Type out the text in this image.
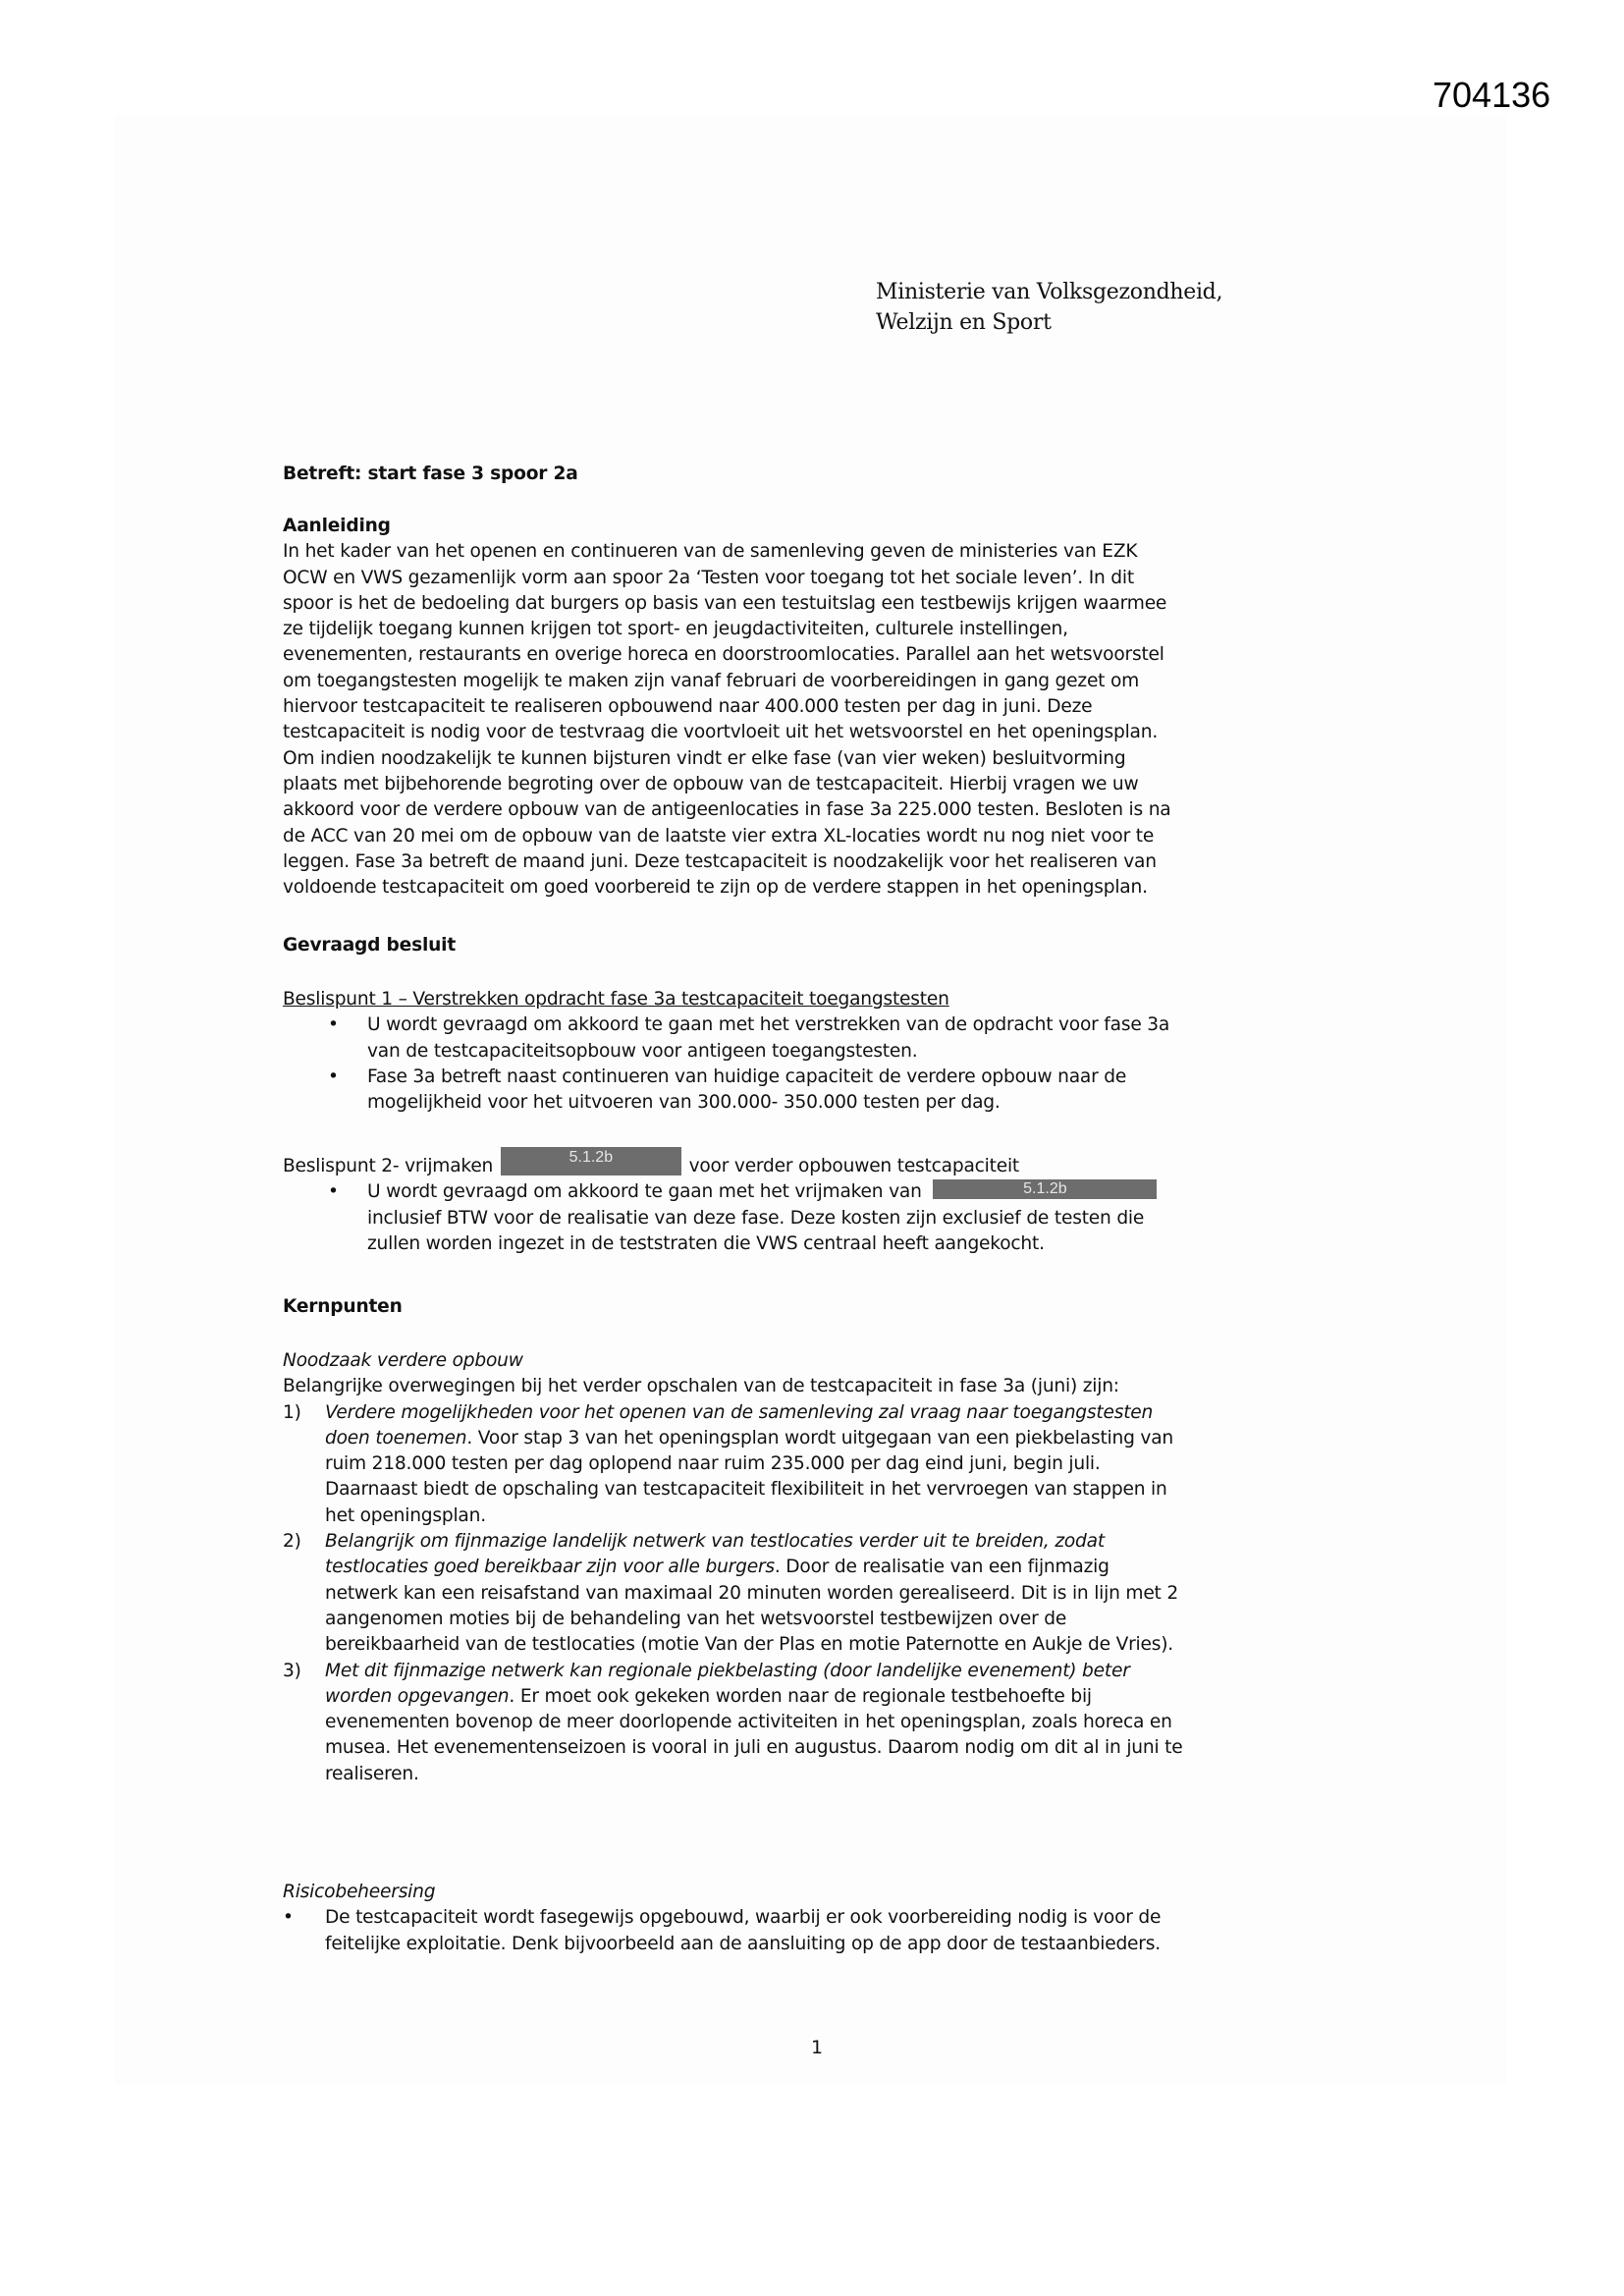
704136
Ministerie van Volksgezondheid,
Welzijn en Sport
Betreft: start fase 3 spoor 2a
Aanleiding
In het kader van het openen en continueren van de samenleving geven de ministeries van EZK
OCW en VWS gezamenlijk vorm aan spoor 2a ‘Testen voor toegang tot het sociale leven’. In dit
spoor is het de bedoeling dat burgers op basis van een testuitslag een testbewijs krijgen waarmee
ze tijdelijk toegang kunnen krijgen tot sport- en jeugdactiviteiten, culturele instellingen,
evenementen, restaurants en overige horeca en doorstroomlocaties. Parallel aan het wetsvoorstel
om toegangstesten mogelijk te maken zijn vanaf februari de voorbereidingen in gang gezet om
hiervoor testcapaciteit te realiseren opbouwend naar 400.000 testen per dag in juni. Deze
testcapaciteit is nodig voor de testvraag die voortvloeit uit het wetsvoorstel en het openingsplan.
Om indien noodzakelijk te kunnen bijsturen vindt er elke fase (van vier weken) besluitvorming
plaats met bijbehorende begroting over de opbouw van de testcapaciteit. Hierbij vragen we uw
akkoord voor de verdere opbouw van de antigeenlocaties in fase 3a 225.000 testen. Besloten is na
de ACC van 20 mei om de opbouw van de laatste vier extra XL-locaties wordt nu nog niet voor te
leggen. Fase 3a betreft de maand juni. Deze testcapaciteit is noodzakelijk voor het realiseren van
voldoende testcapaciteit om goed voorbereid te zijn op de verdere stappen in het openingsplan.
Gevraagd besluit
Beslispunt 1 – Verstrekken opdracht fase 3a testcapaciteit toegangstesten
• U wordt gevraagd om akkoord te gaan met het verstrekken van de opdracht voor fase 3a
van de testcapaciteitsopbouw voor antigeen toegangstesten.
• Fase 3a betreft naast continueren van huidige capaciteit de verdere opbouw naar de
mogelijkheid voor het uitvoeren van 300.000- 350.000 testen per dag.
Beslispunt 2- vrijmaken	5.1.2b	voor verder opbouwen testcapaciteit
• U wordt gevraagd om akkoord te gaan met het vrijmaken van	5.1.2b
inclusief BTW voor de realisatie van deze fase. Deze kosten zijn exclusief de testen die
zullen worden ingezet in de teststraten die VWS centraal heeft aangekocht.
Kernpunten
Noodzaak verdere opbouw
Belangrijke overwegingen bij het verder opschalen van de testcapaciteit in fase 3a (juni) zijn:
1) Verdere mogelijkheden voor het openen van de samenleving zal vraag naar toegangstesten
doen toenemen. Voor stap 3 van het openingsplan wordt uitgegaan van een piekbelasting van
ruim 218.000 testen per dag oplopend naar ruim 235.000 per dag eind juni, begin juli.
Daarnaast biedt de opschaling van testcapaciteit flexibiliteit in het vervroegen van stappen in
het openingsplan.
2) Belangrijk om fijnmazige landelijk netwerk van testlocaties verder uit te breiden, zodat
testlocaties goed bereikbaar zijn voor alle burgers. Door de realisatie van een fijnmazig
netwerk kan een reisafstand van maximaal 20 minuten worden gerealiseerd. Dit is in lijn met 2
aangenomen moties bij de behandeling van het wetsvoorstel testbewijzen over de
bereikbaarheid van de testlocaties (motie Van der Plas en motie Paternotte en Aukje de Vries).
3) Met dit fijnmazige netwerk kan regionale piekbelasting (door landelijke evenement) beter
worden opgevangen. Er moet ook gekeken worden naar de regionale testbehoefte bij
evenementen bovenop de meer doorlopende activiteiten in het openingsplan, zoals horeca en
musea. Het evenementenseizoen is vooral in juli en augustus. Daarom nodig om dit al in juni te
realiseren.
Risicobeheersing
• De testcapaciteit wordt fasegewijs opgebouwd, waarbij er ook voorbereiding nodig is voor de
feitelijke exploitatie. Denk bijvoorbeeld aan de aansluiting op de app door de testaanbieders.
1
